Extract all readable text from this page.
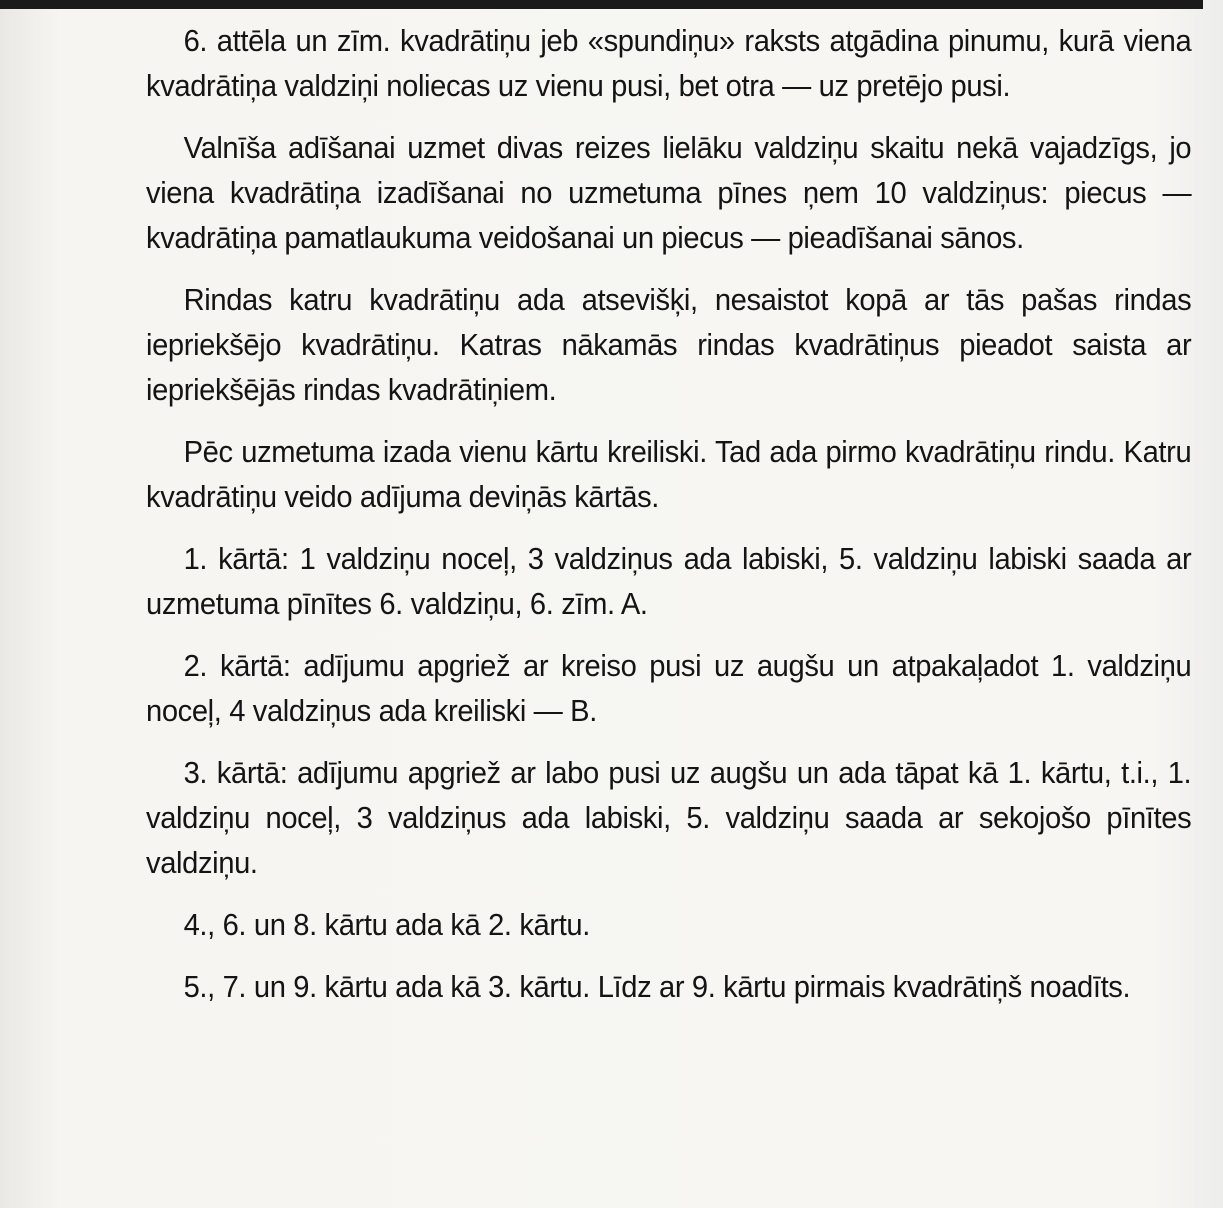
6. attēla un zīm. kvadrātiņu jeb «spundiņu» raksts atgādina pinumu, kurā viena kvadrātiņa valdziņi noliecas uz vienu pusi, bet otra — uz pretējo pusi.

Valnīša adīšanai uzmet divas reizes lielāku valdziņu skaitu nekā vajadzīgs, jo viena kvadrātiņa izadīšanai no uzmetuma pīnes ņem 10 valdziņus: piecus — kvadrātiņa pamatlaukuma veidošanai un piecus — pieadīšanai sānos.

Rindas katru kvadrātiņu ada atsevišķi, nesaistot kopā ar tās pašas rindas iepriekšējo kvadrātiņu. Katras nākamās rindas kvadrātiņus pieadot saista ar iepriekšējās rindas kvadrātiņiem.

Pēc uzmetuma izada vienu kārtu kreiliski. Tad ada pirmo kvadrātiņu rindu. Katru kvadrātiņu veido adījuma deviņās kārtās.

1. kārtā: 1 valdziņu noceļ, 3 valdziņus ada labiski, 5. valdziņu labiski saada ar uzmetuma pīnītes 6. valdziņu, 6. zīm. A.

2. kārtā: adījumu apgriež ar kreiso pusi uz augšu un atpakaļadot 1. valdziņu noceļ, 4 valdziņus ada kreiliski — B.

3. kārtā: adījumu apgriež ar labo pusi uz augšu un ada tāpat kā 1. kārtu, t.i., 1. valdziņu noceļ, 3 valdziņus ada labiski, 5. valdziņu saada ar sekojošo pīnītes valdziņu.

4., 6. un 8. kārtu ada kā 2. kārtu.

5., 7. un 9. kārtu ada kā 3. kārtu. Līdz ar 9. kārtu pirmais kvadrātiņš noadīts.
